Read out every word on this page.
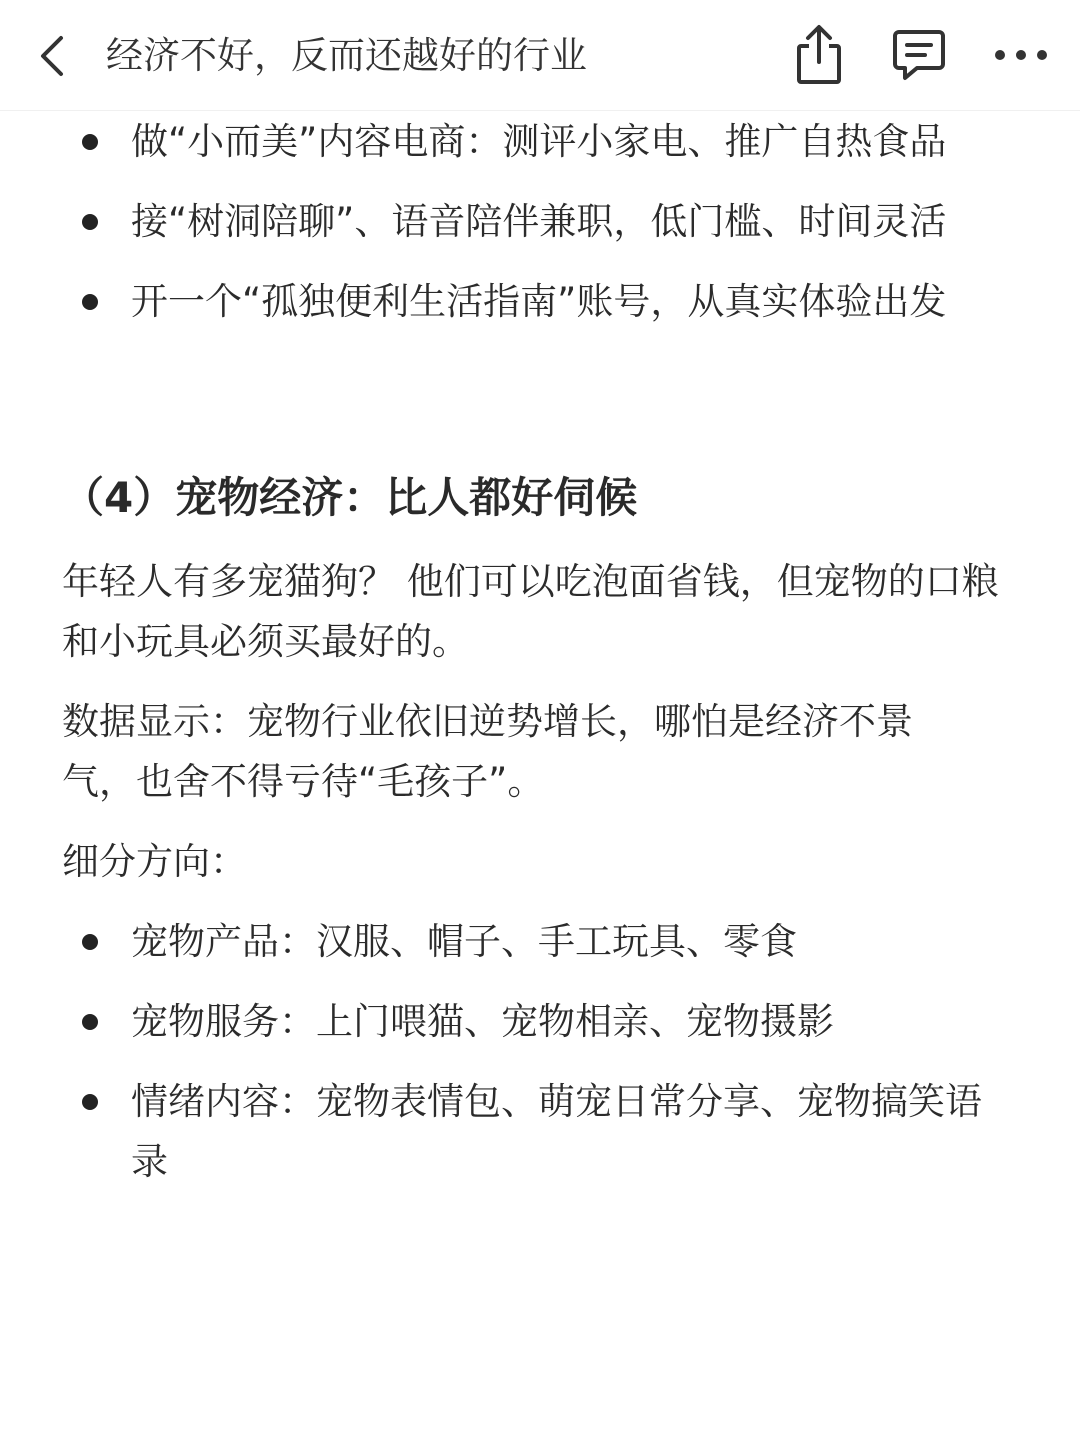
经济不好，反而还越好的行业
做“小而美”内容电商：测评小家电、推广自热食品
接“树洞陪聊”、语音陪伴兼职，低门槛、时间灵活
开一个“孤独便利生活指南”账号，从真实体验出发
（4）宠物经济：比人都好伺候

年轻人有多宠猫狗？ 他们可以吃泡面省钱，但宠物的口粮和小玩具必须买最好的。

数据显示：宠物行业依旧逆势增长，哪怕是经济不景气，也舍不得亏待“毛孩子”。

细分方向：

宠物产品：汉服、帽子、手工玩具、零食
宠物服务：上门喂猫、宠物相亲、宠物摄影
情绪内容：宠物表情包、萌宠日常分享、宠物搞笑语录
